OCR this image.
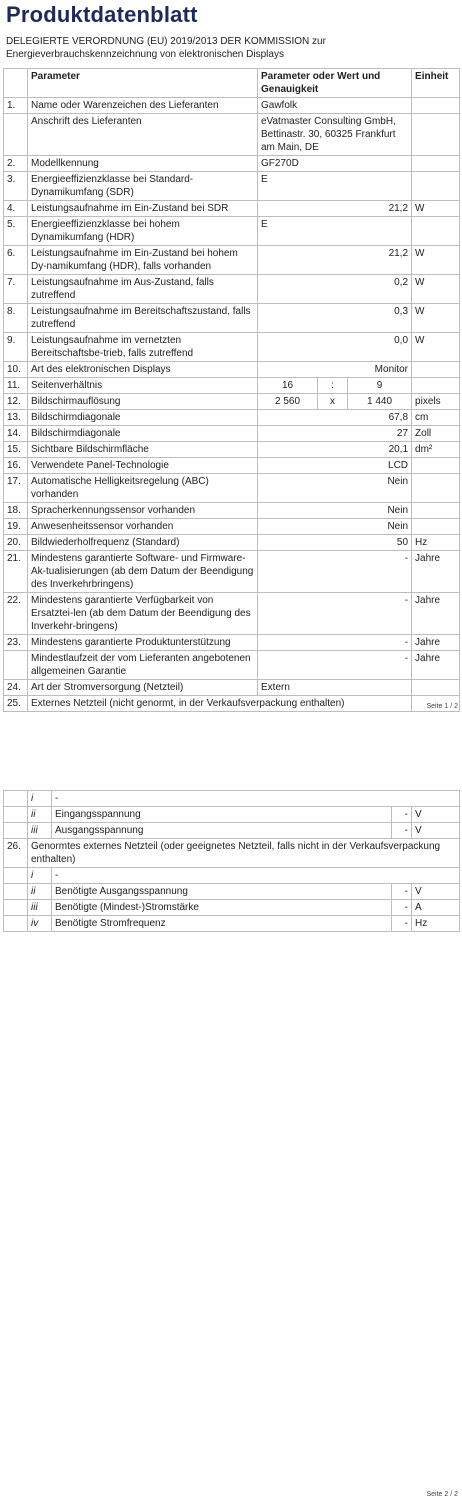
Produktdatenblatt
DELEGIERTE VERORDNUNG (EU) 2019/2013 DER KOMMISSION zur Energieverbrauchskennzeichnung von elektronischen Displays
	Parameter	Parameter oder Wert und Genauigkeit			Einheit
1.	Name oder Warenzeichen des Lieferanten	Gawfolk			
	Anschrift des Lieferanten	eVatmaster Consulting GmbH, Bettinastr. 30, 60325 Frankfurt am Main, DE			
2.	Modellkennung	GF270D			
3.	Energieeffizienzklasse bei Standard-Dynamikumfang (SDR)	E			
4.	Leistungsaufnahme im Ein-Zustand bei SDR	21,2			W
5.	Energieeffizienzklasse bei hohem Dynamikumfang (HDR)	E			
6.	Leistungsaufnahme im Ein-Zustand bei hohem Dy-namikumfang (HDR), falls vorhanden	21,2			W
7.	Leistungsaufnahme im Aus-Zustand, falls zutreffend	0,2			W
8.	Leistungsaufnahme im Bereitschaftszustand, falls zutreffend	0,3			W
9.	Leistungsaufnahme im vernetzten Bereitschaftsbe-trieb, falls zutreffend	0,0			W
10.	Art des elektronischen Displays	Monitor			
11.	Seitenverhältnis	16	:	9	
12.	Bildschirmauflösung	2 560	x	1 440	pixels
13.	Bildschirmdiagonale	67,8			cm
14.	Bildschirmdiagonale	27			Zoll
15.	Sichtbare Bildschirmfläche	20,1			dm²
16.	Verwendete Panel-Technologie	LCD			
17.	Automatische Helligkeitsregelung (ABC) vorhanden	Nein			
18.	Spracherkennungssensor vorhanden	Nein			
19.	Anwesenheitssensor vorhanden	Nein			
20.	Bildwiederholfrequenz (Standard)	50			Hz
21.	Mindestens garantierte Software- und Firmware-Ak-tualisierungen (ab dem Datum der Beendigung des Inverkehrbringens)	-			Jahre
22.	Mindestens garantierte Verfügbarkeit von Ersatztei-len (ab dem Datum der Beendigung des Inverkehr-bringens)	-			Jahre
23.	Mindestens garantierte Produktunterstützung	-			Jahre
	Mindestlaufzeit der vom Lieferanten angebotenen allgemeinen Garantie	-			Jahre
24.	Art der Stromversorgung (Netzteil)	Extern			
25.	Externes Netzteil (nicht genormt, in der Verkaufsverpackung enthalten)					Seite 1 / 2
	i	-		
	ii	Eingangsspannung	-	V
	iii	Ausgangsspannung	-	V
26.	Genormtes externes Netzteil (oder geeignetes Netzteil, falls nicht in der Verkaufsverpackung enthalten)			
	i	-		
	ii	Benötigte Ausgangsspannung	-	V
	iii	Benötigte (Mindest-)Stromstärke	-	A
	iv	Benötigte Stromfrequenz	-	Hz
Seite 2 / 2
